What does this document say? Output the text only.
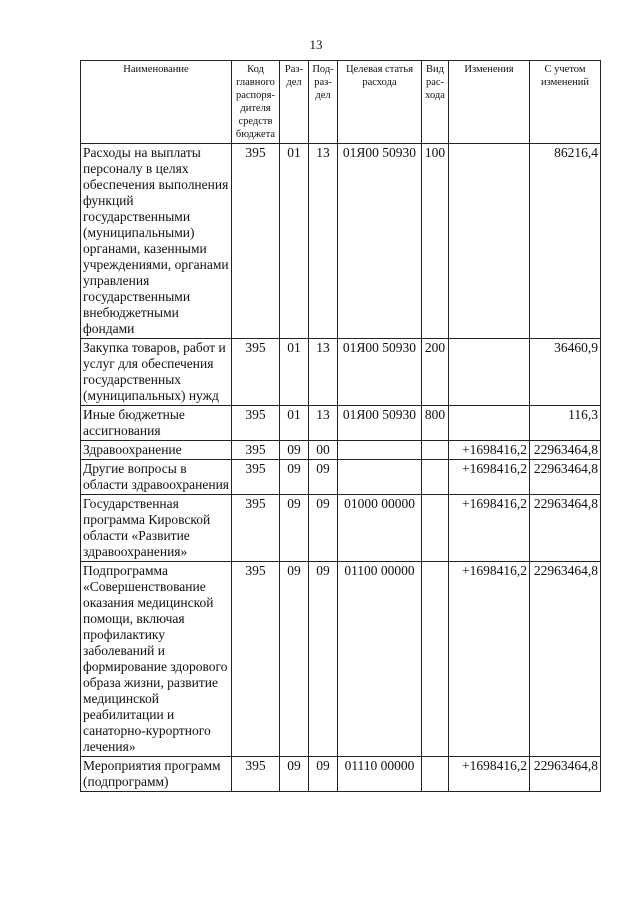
13
Наименование	Код главного распоря-дителя средств бюджета	Раз-дел	Под-раз-дел	Целевая статья расхода	Вид рас-хода	Изменения	С учетом изменений
Расходы на выплаты персоналу в целях обеспечения выполнения функций государственными (муниципальными) органами, казенными учреждениями, органами управления государственными внебюджетными фондами	395	01	13	01Я00 50930	100		86216,4
Закупка товаров, работ и услуг для обеспечения государственных (муниципальных) нужд	395	01	13	01Я00 50930	200		36460,9
Иные бюджетные ассигнования	395	01	13	01Я00 50930	800		116,3
Здравоохранение	395	09	00			+1698416,2	22963464,8
Другие вопросы в области здравоохранения	395	09	09			+1698416,2	22963464,8
Государственная программа Кировской области «Развитие здравоохранения»	395	09	09	01000 00000		+1698416,2	22963464,8
Подпрограмма «Совершенствование оказания медицинской помощи, включая профилактику заболеваний и формирование здорового образа жизни, развитие медицинской реабилитации и санаторно-курортного лечения»	395	09	09	01100 00000		+1698416,2	22963464,8
Мероприятия программ (подпрограмм)	395	09	09	01110 00000		+1698416,2	22963464,8
